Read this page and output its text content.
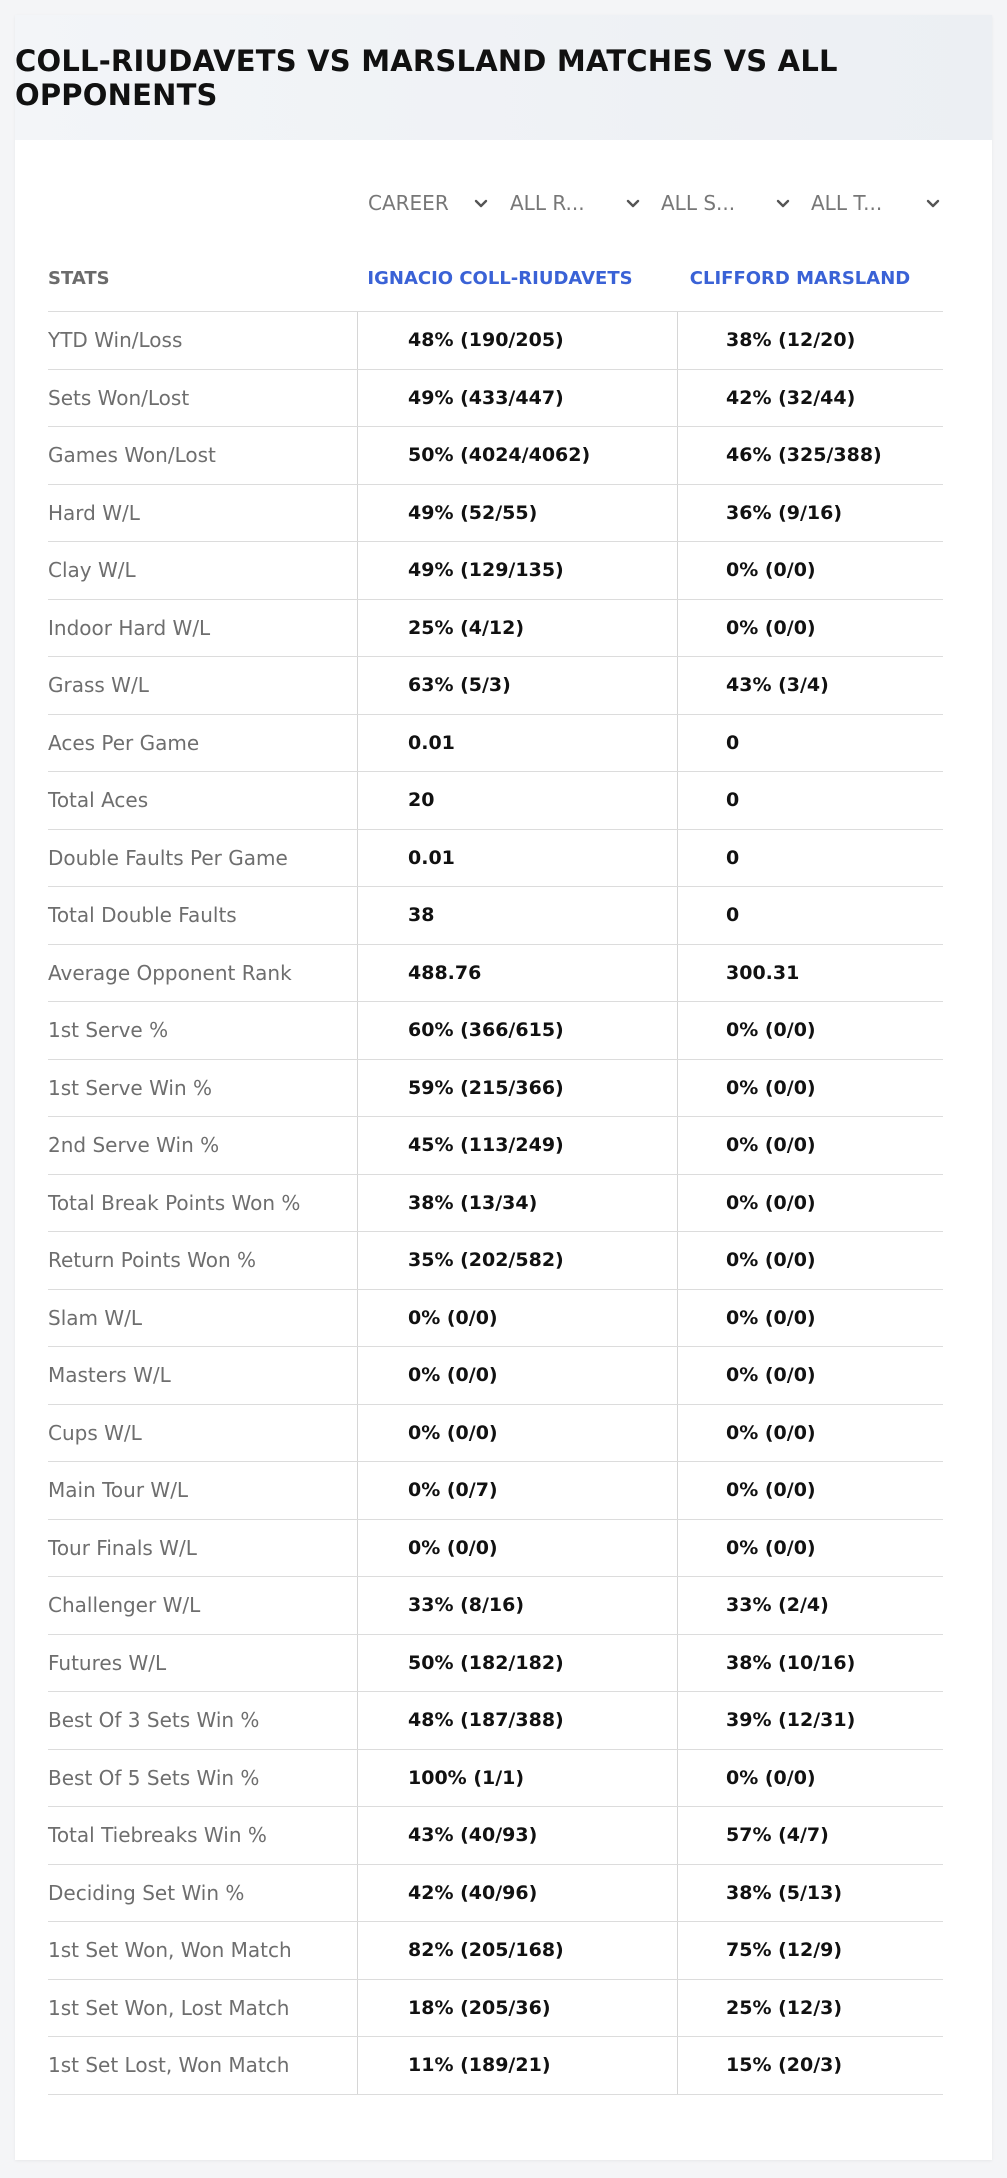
COLL-RIUDAVETS VS MARSLAND MATCHES VS ALL OPPONENTS
CAREER	ALL R...	ALL S...	ALL T...
STATS	IGNACIO COLL-RIUDAVETS	CLIFFORD MARSLAND
YTD Win/Loss	48% (190/205)	38% (12/20)
Sets Won/Lost	49% (433/447)	42% (32/44)
Games Won/Lost	50% (4024/4062)	46% (325/388)
Hard W/L	49% (52/55)	36% (9/16)
Clay W/L	49% (129/135)	0% (0/0)
Indoor Hard W/L	25% (4/12)	0% (0/0)
Grass W/L	63% (5/3)	43% (3/4)
Aces Per Game	0.01	0
Total Aces	20	0
Double Faults Per Game	0.01	0
Total Double Faults	38	0
Average Opponent Rank	488.76	300.31
1st Serve %	60% (366/615)	0% (0/0)
1st Serve Win %	59% (215/366)	0% (0/0)
2nd Serve Win %	45% (113/249)	0% (0/0)
Total Break Points Won %	38% (13/34)	0% (0/0)
Return Points Won %	35% (202/582)	0% (0/0)
Slam W/L	0% (0/0)	0% (0/0)
Masters W/L	0% (0/0)	0% (0/0)
Cups W/L	0% (0/0)	0% (0/0)
Main Tour W/L	0% (0/7)	0% (0/0)
Tour Finals W/L	0% (0/0)	0% (0/0)
Challenger W/L	33% (8/16)	33% (2/4)
Futures W/L	50% (182/182)	38% (10/16)
Best Of 3 Sets Win %	48% (187/388)	39% (12/31)
Best Of 5 Sets Win %	100% (1/1)	0% (0/0)
Total Tiebreaks Win %	43% (40/93)	57% (4/7)
Deciding Set Win %	42% (40/96)	38% (5/13)
1st Set Won, Won Match	82% (205/168)	75% (12/9)
1st Set Won, Lost Match	18% (205/36)	25% (12/3)
1st Set Lost, Won Match	11% (189/21)	15% (20/3)
